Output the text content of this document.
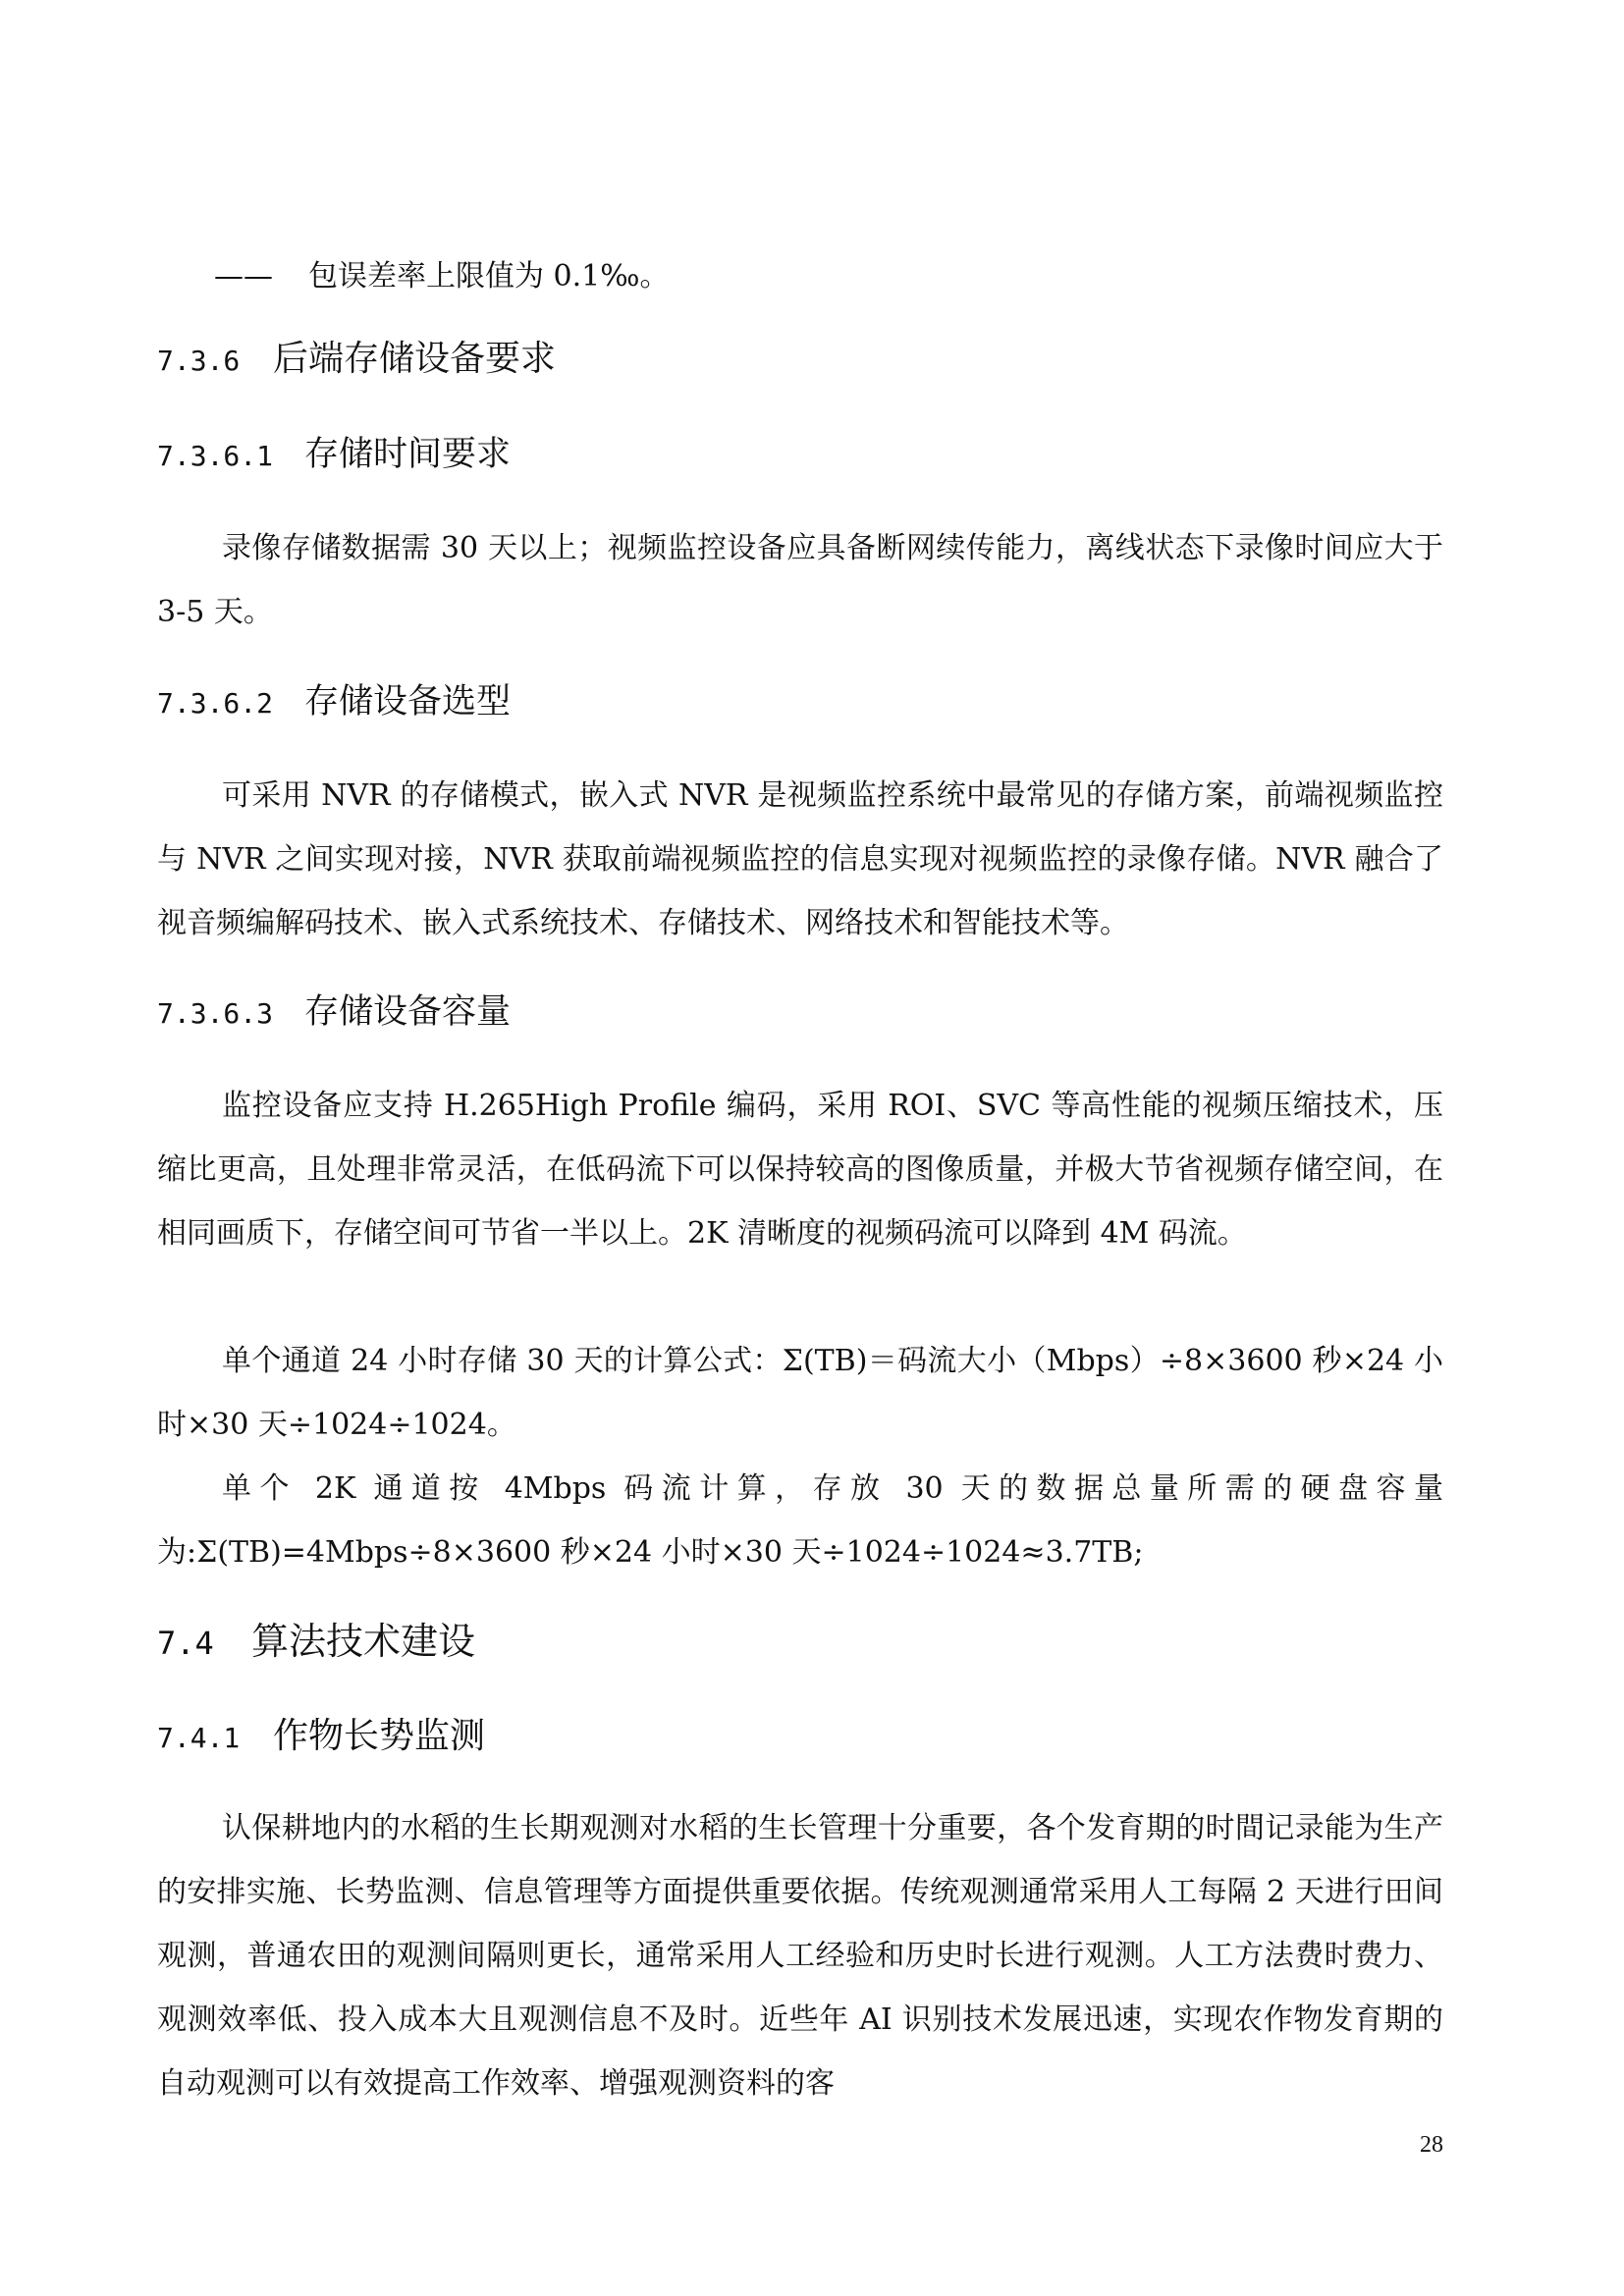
—— 包误差率上限值为 0.1‰。
7.3.6 后端存储设备要求
7.3.6.1 存储时间要求

录像存储数据需 30 天以上；视频监控设备应具备断网续传能力，离线状态下录像时间应大于 3-5 天。

7.3.6.2 存储设备选型

可采用 NVR 的存储模式，嵌入式 NVR 是视频监控系统中最常见的存储方案，前端视频监控与 NVR 之间实现对接，NVR 获取前端视频监控的信息实现对视频监控的录像存储。NVR 融合了视音频编解码技术、嵌入式系统技术、存储技术、网络技术和智能技术等。

7.3.6.3 存储设备容量

监控设备应支持 H.265High Profile 编码，采用 ROI、SVC 等高性能的视频压缩技术，压缩比更高，且处理非常灵活，在低码流下可以保持较高的图像质量，并极大节省视频存储空间，在相同画质下，存储空间可节省一半以上。2K 清晰度的视频码流可以降到 4M 码流。

单个通道 24 小时存储 30 天的计算公式：Σ(TB)＝码流大小（Mbps）÷8×3600 秒×24 小时×30 天÷1024÷1024。

单个 2K 通道按 4Mbps 码流计算，存放 30 天的数据总量所需的硬盘容量为:Σ(TB)=4Mbps÷8×3600 秒×24 小时×30 天÷1024÷1024≈3.7TB;

7.4 算法技术建设
7.4.1 作物长势监测

认保耕地内的水稻的生长期观测对水稻的生长管理十分重要，各个发育期的时間记录能为生产的安排实施、长势监测、信息管理等方面提供重要依据。传统观测通常采用人工每隔 2 天进行田间观测，普通农田的观测间隔则更长，通常采用人工经验和历史时长进行观测。人工方法费时费力、观测效率低、投入成本大且观测信息不及时。近些年 AI 识别技术发展迅速，实现农作物发育期的自动观测可以有效提高工作效率、增强观测资料的客

28
